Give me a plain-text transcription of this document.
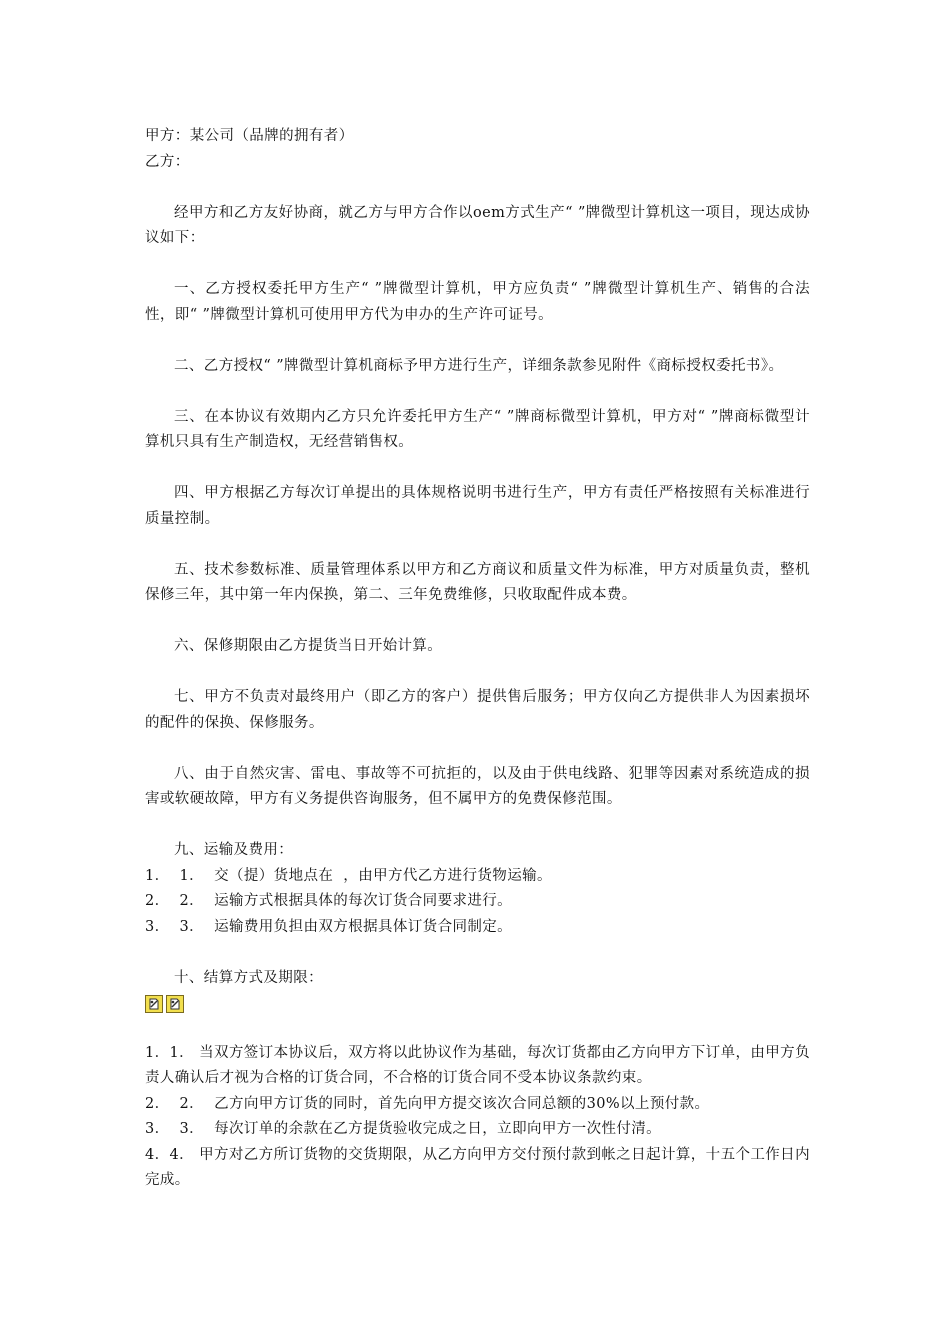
甲方：某公司（品牌的拥有者）
乙方：

经甲方和乙方友好协商，就乙方与甲方合作以oem方式生产“ ”牌微型计算机这一项目，现达成协议如下：

一、乙方授权委托甲方生产“ ”牌微型计算机，甲方应负责“ ”牌微型计算机生产、销售的合法性，即“ ”牌微型计算机可使用甲方代为申办的生产许可证号。

二、乙方授权“ ”牌微型计算机商标予甲方进行生产，详细条款参见附件《商标授权委托书》。

三、在本协议有效期内乙方只允许委托甲方生产“ ”牌商标微型计算机，甲方对“ ”牌商标微型计算机只具有生产制造权，无经营销售权。

四、甲方根据乙方每次订单提出的具体规格说明书进行生产，甲方有责任严格按照有关标准进行质量控制。

五、技术参数标准、质量管理体系以甲方和乙方商议和质量文件为标准，甲方对质量负责，整机保修三年，其中第一年内保换，第二、三年免费维修，只收取配件成本费。

六、保修期限由乙方提货当日开始计算。

七、甲方不负责对最终用户（即乙方的客户）提供售后服务；甲方仅向乙方提供非人为因素损坏的配件的保换、保修服务。

八、由于自然灾害、雷电、事故等不可抗拒的，以及由于供电线路、犯罪等因素对系统造成的损害或软硬故障，甲方有义务提供咨询服务，但不属甲方的免费保修范围。

九、运输及费用：

1．  1．  交（提）货地点在  ，由甲方代乙方进行货物运输。
2．  2．  运输方式根据具体的每次订货合同要求进行。
3．  3．  运输费用负担由双方根据具体订货合同制定。

十、结算方式及期限：

1．1． 当双方签订本协议后，双方将以此协议作为基础，每次订货都由乙方向甲方下订单，由甲方负责人确认后才视为合格的订货合同，不合格的订货合同不受本协议条款约束。

2．  2．  乙方向甲方订货的同时，首先向甲方提交该次合同总额的30%以上预付款。
3．  3．  每次订单的余款在乙方提货验收完成之日，立即向甲方一次性付清。

4．4． 甲方对乙方所订货物的交货期限，从乙方向甲方交付预付款到帐之日起计算，十五个工作日内完成。
